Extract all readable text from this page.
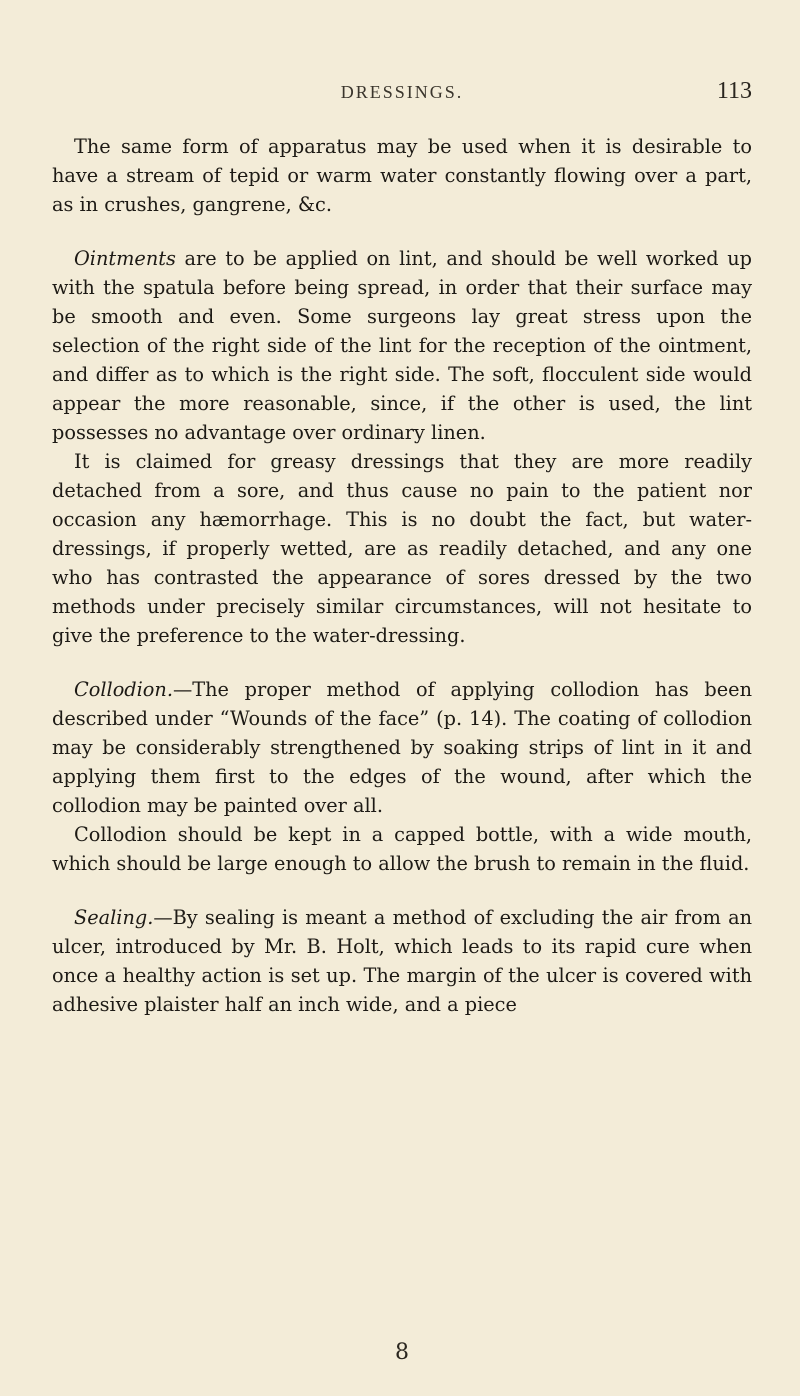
DRESSINGS.	113

The same form of apparatus may be used when it is desirable to have a stream of tepid or warm water constantly flowing over a part, as in crushes, gangrene, &c.

Ointments are to be applied on lint, and should be well worked up with the spatula before being spread, in order that their surface may be smooth and even. Some surgeons lay great stress upon the selection of the right side of the lint for the reception of the ointment, and differ as to which is the right side. The soft, flocculent side would appear the more reasonable, since, if the other is used, the lint possesses no advantage over ordinary linen.

It is claimed for greasy dressings that they are more readily detached from a sore, and thus cause no pain to the patient nor occasion any hæmorrhage. This is no doubt the fact, but water-dressings, if properly wetted, are as readily detached, and any one who has contrasted the appearance of sores dressed by the two methods under precisely similar circumstances, will not hesitate to give the preference to the water-dressing.

Collodion.—The proper method of applying collodion has been described under “Wounds of the face” (p. 14). The coating of collodion may be considerably strengthened by soaking strips of lint in it and applying them first to the edges of the wound, after which the collodion may be painted over all.

Collodion should be kept in a capped bottle, with a wide mouth, which should be large enough to allow the brush to remain in the fluid.

Sealing.—By sealing is meant a method of excluding the air from an ulcer, introduced by Mr. B. Holt, which leads to its rapid cure when once a healthy action is set up. The margin of the ulcer is covered with adhesive plaister half an inch wide, and a piece

8
